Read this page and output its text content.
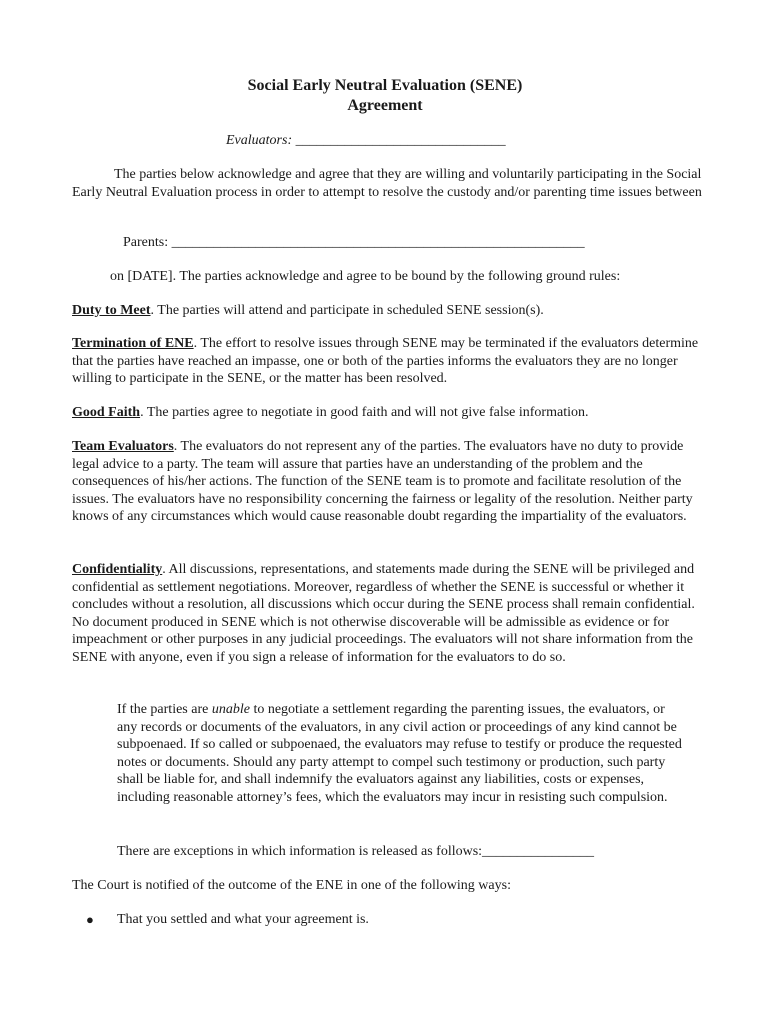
Social Early Neutral Evaluation (SENE)
Agreement
Evaluators: ______________________________
The parties below acknowledge and agree that they are willing and voluntarily participating in the Social Early Neutral Evaluation process in order to attempt to resolve the custody and/or parenting time issues between
Parents: ___________________________________________________________
on [DATE]. The parties acknowledge and agree to be bound by the following ground rules:
Duty to Meet. The parties will attend and participate in scheduled SENE session(s).
Termination of ENE. The effort to resolve issues through SENE may be terminated if the evaluators determine that the parties have reached an impasse, one or both of the parties informs the evaluators they are no longer willing to participate in the SENE, or the matter has been resolved.
Good Faith. The parties agree to negotiate in good faith and will not give false information.
Team Evaluators. The evaluators do not represent any of the parties. The evaluators have no duty to provide legal advice to a party. The team will assure that parties have an understanding of the problem and the consequences of his/her actions. The function of the SENE team is to promote and facilitate resolution of the issues. The evaluators have no responsibility concerning the fairness or legality of the resolution. Neither party knows of any circumstances which would cause reasonable doubt regarding the impartiality of the evaluators.
Confidentiality. All discussions, representations, and statements made during the SENE will be privileged and confidential as settlement negotiations. Moreover, regardless of whether the SENE is successful or whether it concludes without a resolution, all discussions which occur during the SENE process shall remain confidential. No document produced in SENE which is not otherwise discoverable will be admissible as evidence or for impeachment or other purposes in any judicial proceedings. The evaluators will not share information from the SENE with anyone, even if you sign a release of information for the evaluators to do so.
If the parties are unable to negotiate a settlement regarding the parenting issues, the evaluators, or any records or documents of the evaluators, in any civil action or proceedings of any kind cannot be subpoenaed. If so called or subpoenaed, the evaluators may refuse to testify or produce the requested notes or documents. Should any party attempt to compel such testimony or production, such party shall be liable for, and shall indemnify the evaluators against any liabilities, costs or expenses, including reasonable attorney’s fees, which the evaluators may incur in resisting such compulsion.
There are exceptions in which information is released as follows:________________
The Court is notified of the outcome of the ENE in one of the following ways:
●	That you settled and what your agreement is.
